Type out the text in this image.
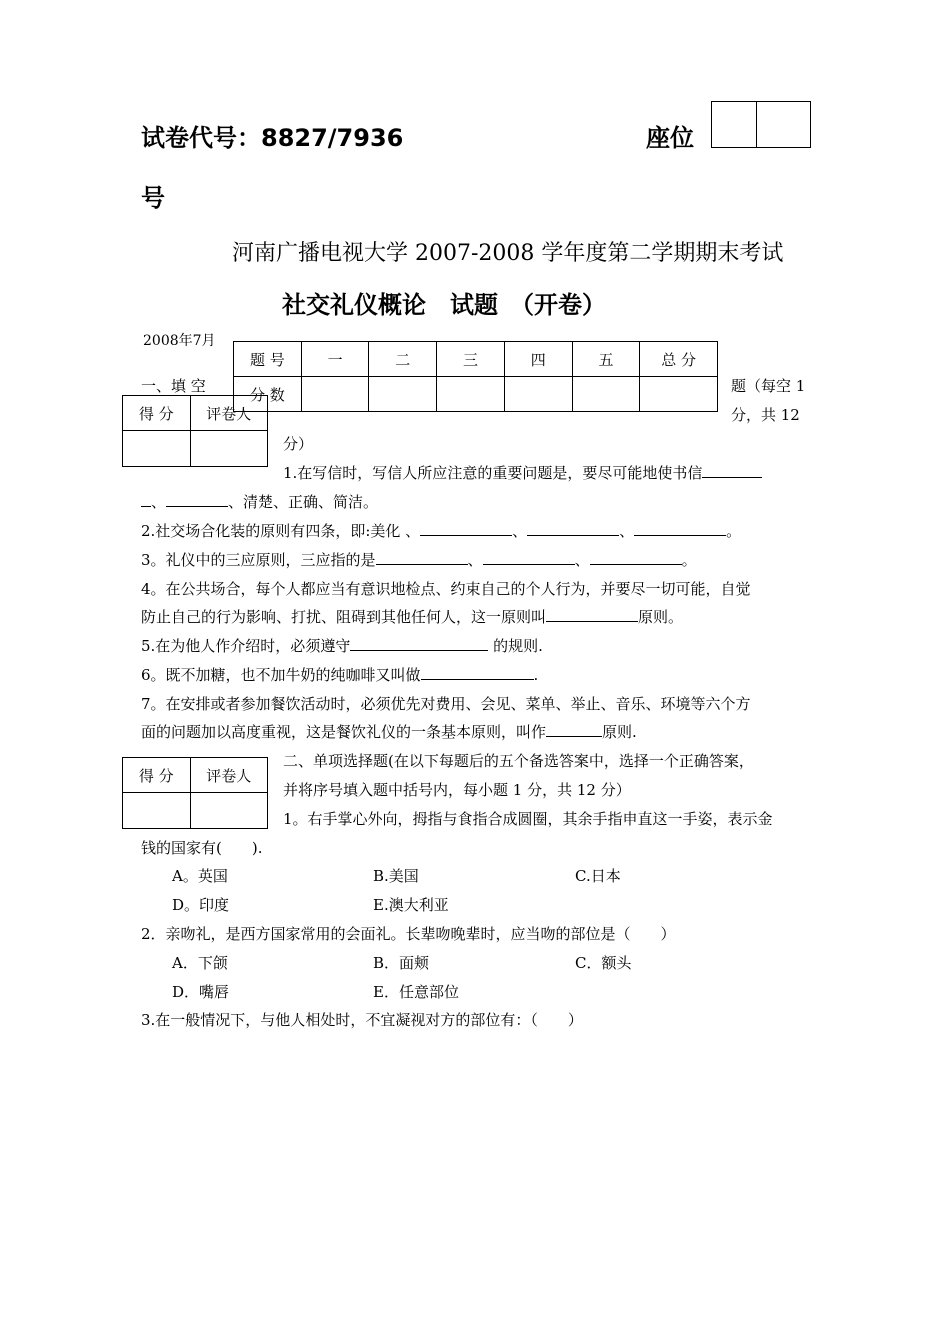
试卷代号：8827/7936	座位
号
河南广播电视大学 2007-2008 学年度第二学期期末考试
社交礼仪概论　试题　（开卷）
2008年7月
题 号	一	二	三	四	五	总 分
分 数						
一、填 空	题（每空 1
分，共 12
得 分	评卷人

分）
1.在写信时，写信人所应注意的重要问题是，要尽可能地使书信
、	、清楚、正确、简洁。
2.社交场合化装的原则有四条，即:美化 、	、	、	。
3。礼仪中的三应原则，三应指的是	、	、	。
4。在公共场合，每个人都应当有意识地检点、约束自己的个人行为，并要尽一切可能，自觉
防止自己的行为影响、打扰、阻碍到其他任何人，这一原则叫	原则。
5.在为他人作介绍时，必须遵守	的规则.
6。既不加糖，也不加牛奶的纯咖啡又叫做	.
7。在安排或者参加餐饮活动时，必须优先对费用、会见、菜单、举止、音乐、环境等六个方
面的问题加以高度重视，这是餐饮礼仪的一条基本原则，叫作	原则.
二、单项选择题(在以下每题后的五个备选答案中，选择一个正确答案，
并将序号填入题中括号内，每小题 1 分，共 12 分）
得 分	评卷人

1。右手掌心外向，拇指与食指合成圆圈，其余手指申直这一手姿，表示金
钱的国家有(　　).
A。英国	B.美国	C.日本
D。印度	E.澳大利亚
2．亲吻礼，是西方国家常用的会面礼。长辈吻晚辈时，应当吻的部位是（　　）
A．下颌	B．面颊	C．额头
D．嘴唇	E．任意部位
3.在一般情况下，与他人相处时，不宜凝视对方的部位有：（　　）
